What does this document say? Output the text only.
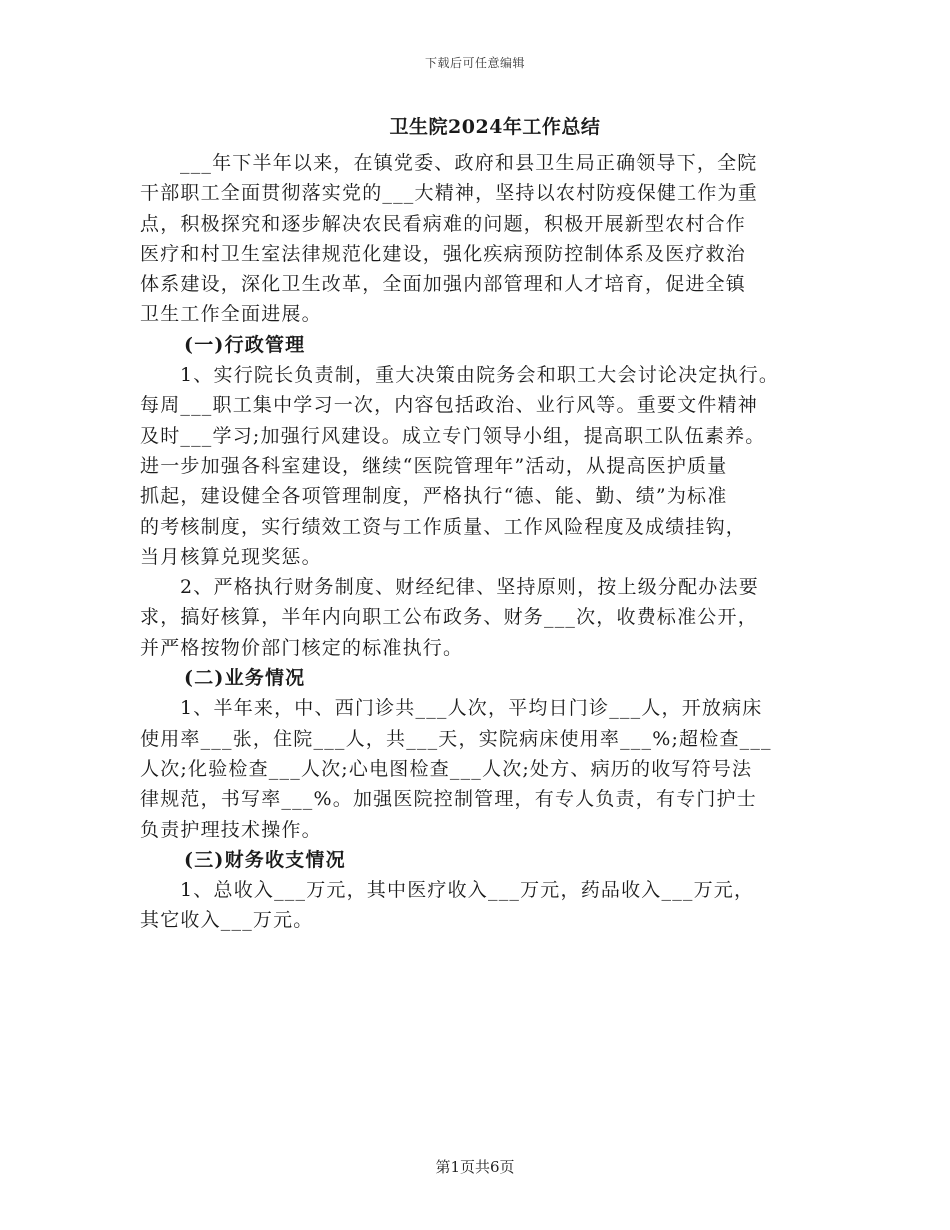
下载后可任意编辑
卫生院2024年工作总结
___年下半年以来，在镇党委、政府和县卫生局正确领导下，全院
干部职工全面贯彻落实党的___大精神，坚持以农村防疫保健工作为重
点，积极探究和逐步解决农民看病难的问题，积极开展新型农村合作
医疗和村卫生室法律规范化建设，强化疾病预防控制体系及医疗救治
体系建设，深化卫生改革，全面加强内部管理和人才培育，促进全镇
卫生工作全面进展。
(一)行政管理
1、实行院长负责制，重大决策由院务会和职工大会讨论决定执行。
每周___职工集中学习一次，内容包括政治、业行风等。重要文件精神
及时___学习;加强行风建设。成立专门领导小组，提高职工队伍素养。
进一步加强各科室建设，继续“医院管理年”活动，从提高医护质量
抓起，建设健全各项管理制度，严格执行“德、能、勤、绩”为标准
的考核制度，实行绩效工资与工作质量、工作风险程度及成绩挂钩，
当月核算兑现奖惩。
2、严格执行财务制度、财经纪律、坚持原则，按上级分配办法要
求，搞好核算，半年内向职工公布政务、财务___次，收费标准公开，
并严格按物价部门核定的标准执行。
(二)业务情况
1、半年来，中、西门诊共___人次，平均日门诊___人，开放病床
使用率___张，住院___人，共___天，实院病床使用率___%;超检查___
人次;化验检查___人次;心电图检查___人次;处方、病历的收写符号法
律规范，书写率___%。加强医院控制管理，有专人负责，有专门护士
负责护理技术操作。
(三)财务收支情况
1、总收入___万元，其中医疗收入___万元，药品收入___万元，
其它收入___万元。
第1页共6页
